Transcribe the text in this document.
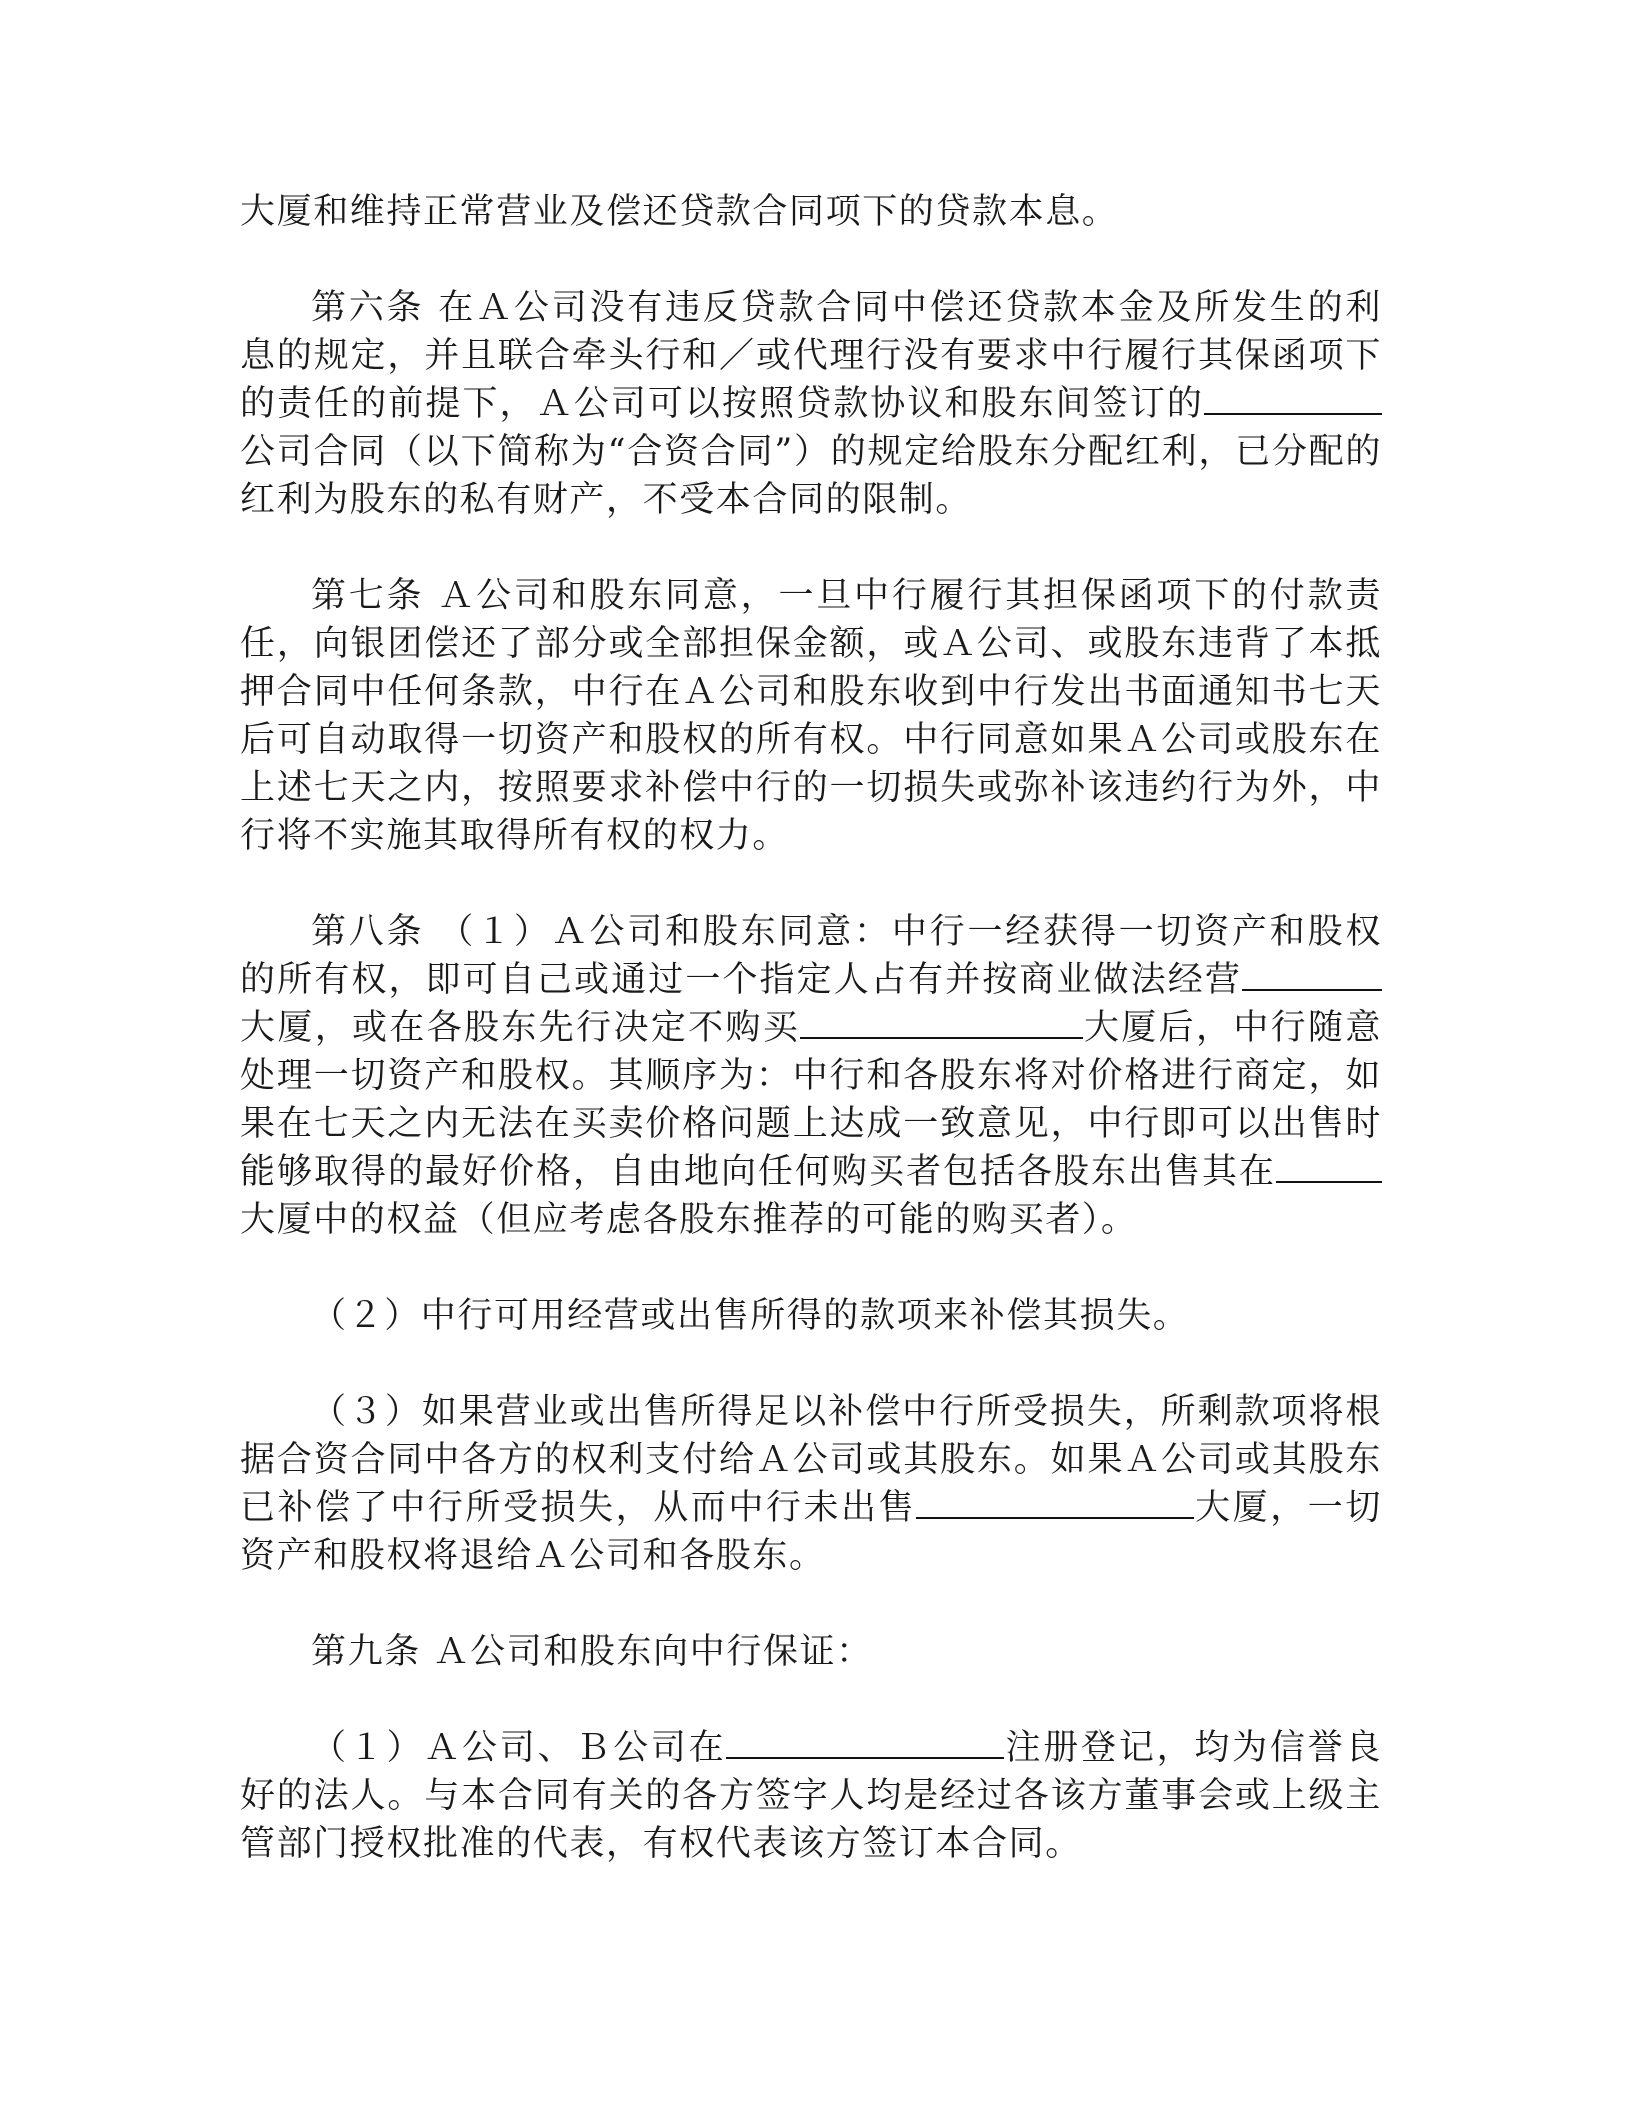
大厦和维持正常营业及偿还贷款合同项下的贷款本息。

第六条 在Ａ公司没有违反贷款合同中偿还贷款本金及所发生的利息的规定，并且联合牵头行和／或代理行没有要求中行履行其保函项下的责任的前提下，Ａ公司可以按照贷款协议和股东间签订的公司合同（以下简称为“合资合同”）的规定给股东分配红利，已分配的红利为股东的私有财产，不受本合同的限制。

第七条 Ａ公司和股东同意，一旦中行履行其担保函项下的付款责任，向银团偿还了部分或全部担保金额，或Ａ公司、或股东违背了本抵押合同中任何条款，中行在Ａ公司和股东收到中行发出书面通知书七天后可自动取得一切资产和股权的所有权。中行同意如果Ａ公司或股东在上述七天之内，按照要求补偿中行的一切损失或弥补该违约行为外，中行将不实施其取得所有权的权力。

第八条 （１）Ａ公司和股东同意：中行一经获得一切资产和股权的所有权，即可自己或通过一个指定人占有并按商业做法经营大厦，或在各股东先行决定不购买	大厦后，中行随意处理一切资产和股权。其顺序为：中行和各股东将对价格进行商定，如果在七天之内无法在买卖价格问题上达成一致意见，中行即可以出售时能够取得的最好价格，自由地向任何购买者包括各股东出售其在大厦中的权益（但应考虑各股东推荐的可能的购买者）。

（２）中行可用经营或出售所得的款项来补偿其损失。

（３）如果营业或出售所得足以补偿中行所受损失，所剩款项将根据合资合同中各方的权利支付给Ａ公司或其股东。如果Ａ公司或其股东已补偿了中行所受损失，从而中行未出售	大厦，一切资产和股权将退给Ａ公司和各股东。

第九条 Ａ公司和股东向中行保证：

（１）Ａ公司、Ｂ公司在	注册登记，均为信誉良好的法人。与本合同有关的各方签字人均是经过各该方董事会或上级主管部门授权批准的代表，有权代表该方签订本合同。
